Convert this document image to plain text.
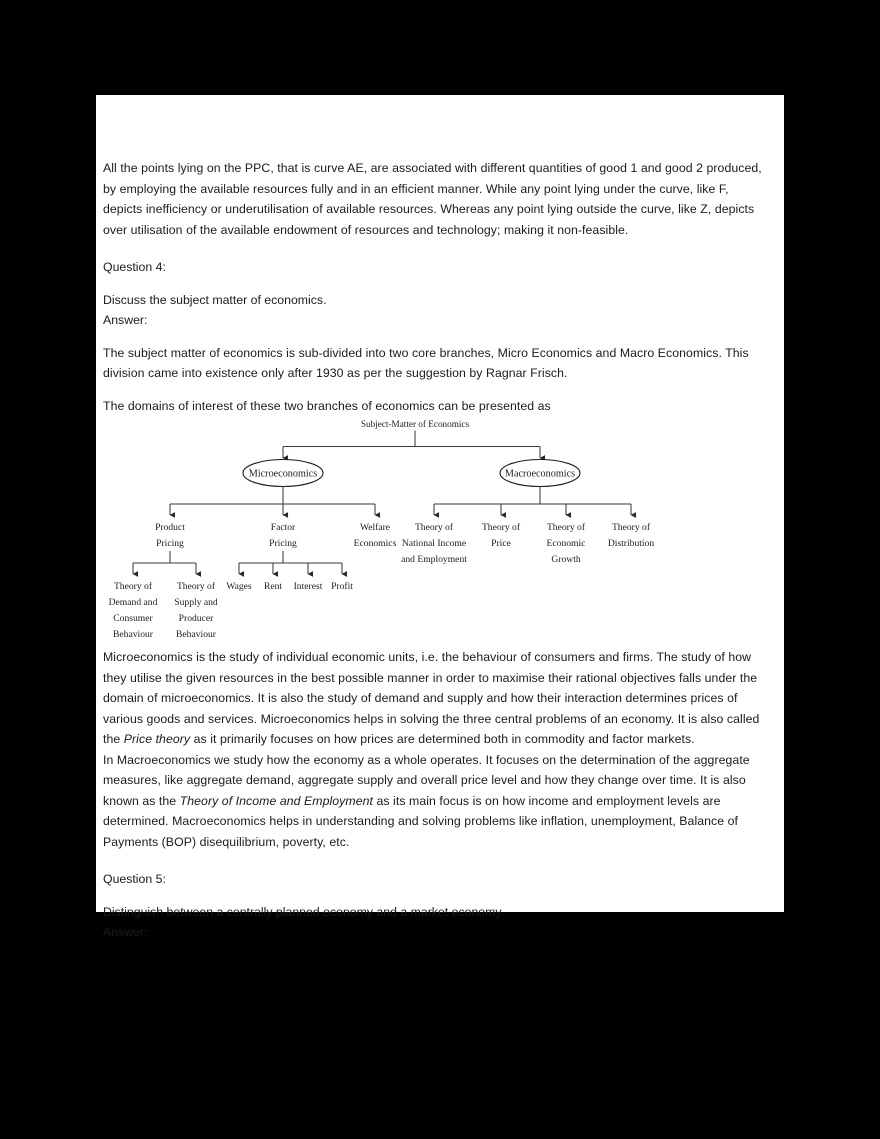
All the points lying on the PPC, that is curve AE, are associated with different quantities of good 1 and good 2 produced, by employing the available resources fully and in an efficient manner. While any point lying under the curve, like F, depicts inefficiency or underutilisation of available resources. Whereas any point lying outside the curve, like Z, depicts over utilisation of the available endowment of resources and technology; making it non-feasible.

Question 4:

Discuss the subject matter of economics.

Answer:

The subject matter of economics is sub-divided into two core branches, Micro Economics and Macro Economics. This division came into existence only after 1930 as per the suggestion by Ragnar Frisch.

The domains of interest of these two branches of economics can be presented as

Subject-Matter of Economics
Microeconomics	Macroeconomics
Product
Pricing
Factor
Pricing
Welfare
Economics
Theory of
Demand and
Consumer
Behaviour
Theory of
Supply and
Producer
Behaviour
Wages Rent Interest Profit
Theory of
National Income
and Employment
Theory of
Price
Theory of
Economic
Growth
Theory of
Distribution

Microeconomics is the study of individual economic units, i.e. the behaviour of consumers and firms. The study of how they utilise the given resources in the best possible manner in order to maximise their rational objectives falls under the domain of microeconomics. It is also the study of demand and supply and how their interaction determines prices of various goods and services. Microeconomics helps in solving the three central problems of an economy. It is also called the Price theory as it primarily focuses on how prices are determined both in commodity and factor markets.

In Macroeconomics we study how the economy as a whole operates. It focuses on the determination of the aggregate measures, like aggregate demand, aggregate supply and overall price level and how they change over time. It is also known as the Theory of Income and Employment as its main focus is on how income and employment levels are determined. Macroeconomics helps in understanding and solving problems like inflation, unemployment, Balance of Payments (BOP) disequilibrium, poverty, etc.

Question 5:

Distinguish between a centrally planned economy and a market economy.

Answer:
